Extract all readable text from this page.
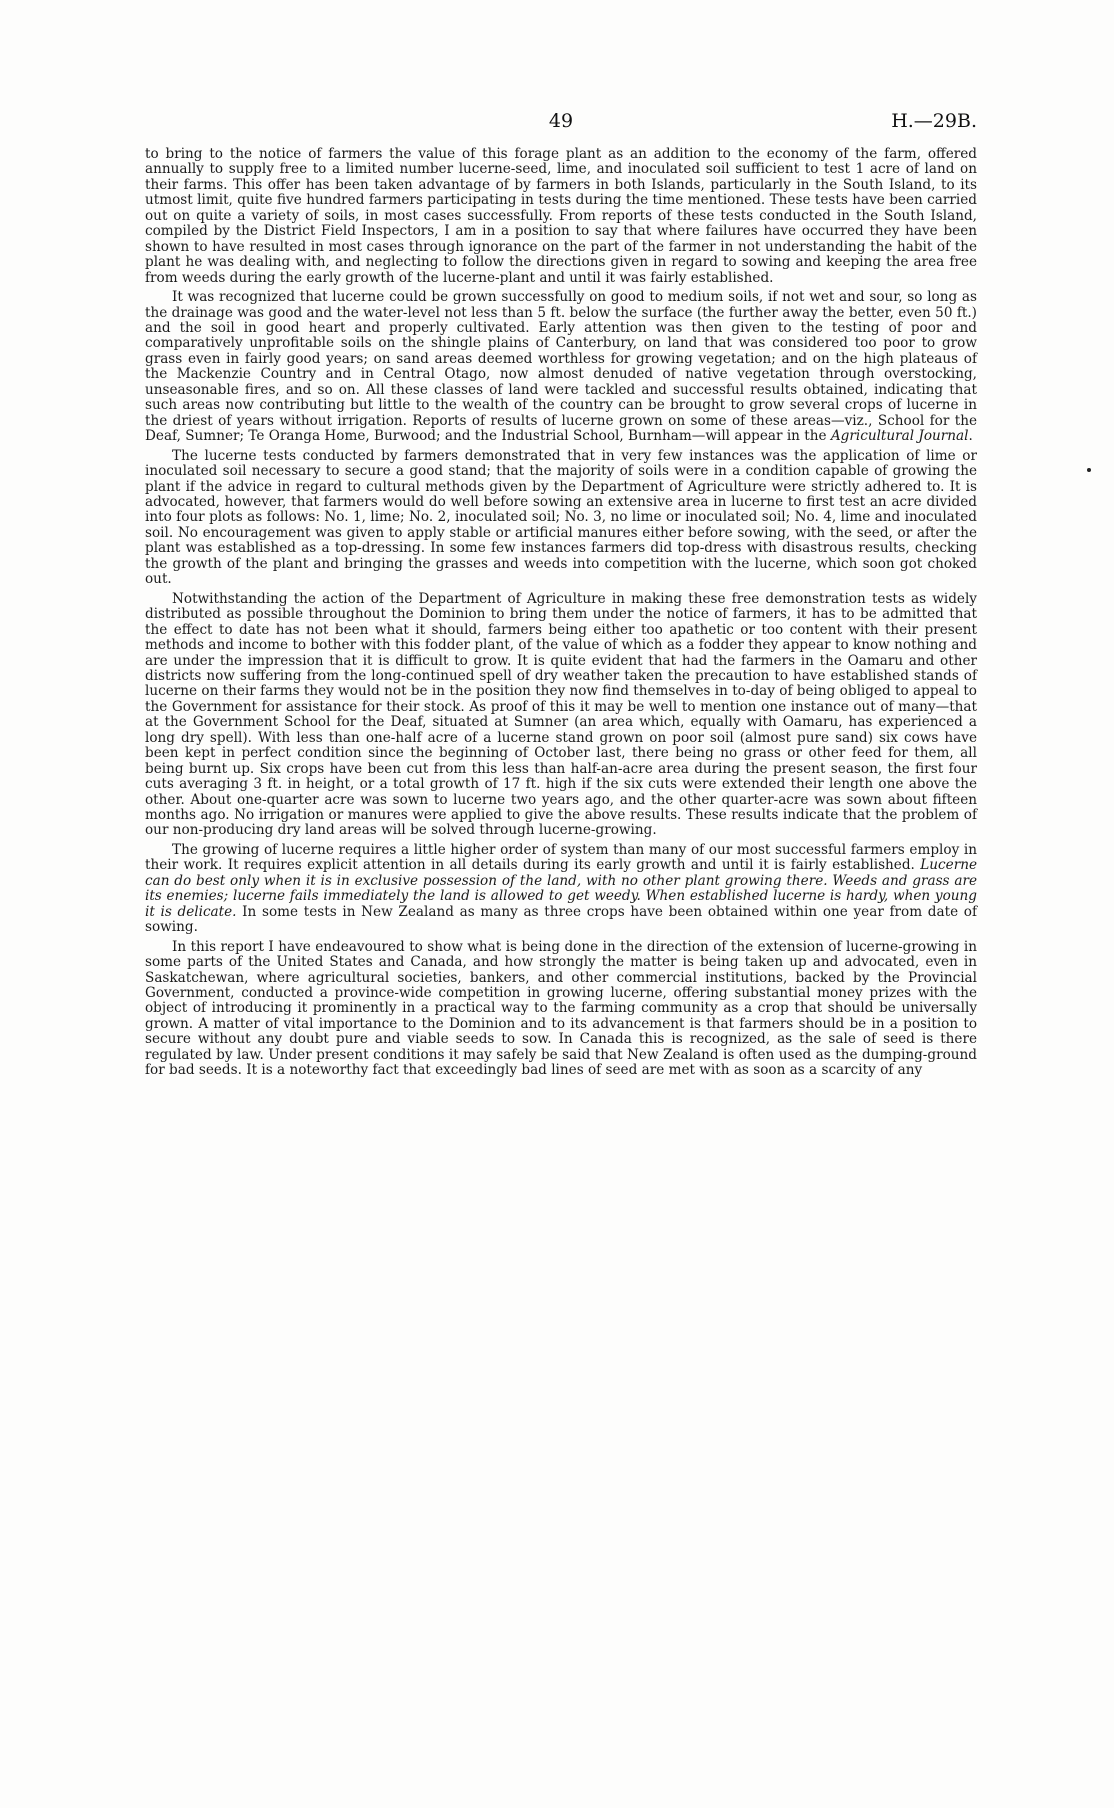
49	H.—29B.

to bring to the notice of farmers the value of this forage plant as an addition to the economy of the farm, offered annually to supply free to a limited number lucerne-seed, lime, and inoculated soil sufficient to test 1 acre of land on their farms. This offer has been taken advantage of by farmers in both Islands, particularly in the South Island, to its utmost limit, quite five hundred farmers participating in tests during the time mentioned. These tests have been carried out on quite a variety of soils, in most cases successfully. From reports of these tests conducted in the South Island, compiled by the District Field Inspectors, I am in a position to say that where failures have occurred they have been shown to have resulted in most cases through ignorance on the part of the farmer in not understanding the habit of the plant he was dealing with, and neglecting to follow the directions given in regard to sowing and keeping the area free from weeds during the early growth of the lucerne-plant and until it was fairly established.

It was recognized that lucerne could be grown successfully on good to medium soils, if not wet and sour, so long as the drainage was good and the water-level not less than 5 ft. below the surface (the further away the better, even 50 ft.) and the soil in good heart and properly cultivated. Early attention was then given to the testing of poor and comparatively unprofitable soils on the shingle plains of Canterbury, on land that was considered too poor to grow grass even in fairly good years; on sand areas deemed worthless for growing vegetation; and on the high plateaus of the Mackenzie Country and in Central Otago, now almost denuded of native vegetation through overstocking, unseasonable fires, and so on. All these classes of land were tackled and successful results obtained, indicating that such areas now contributing but little to the wealth of the country can be brought to grow several crops of lucerne in the driest of years without irrigation. Reports of results of lucerne grown on some of these areas—viz., School for the Deaf, Sumner; Te Oranga Home, Burwood; and the Industrial School, Burnham—will appear in the Agricultural Journal.

The lucerne tests conducted by farmers demonstrated that in very few instances was the application of lime or inoculated soil necessary to secure a good stand; that the majority of soils were in a condition capable of growing the plant if the advice in regard to cultural methods given by the Department of Agriculture were strictly adhered to. It is advocated, however, that farmers would do well before sowing an extensive area in lucerne to first test an acre divided into four plots as follows: No. 1, lime; No. 2, inoculated soil; No. 3, no lime or inoculated soil; No. 4, lime and inoculated soil. No encouragement was given to apply stable or artificial manures either before sowing, with the seed, or after the plant was established as a top-dressing. In some few instances farmers did top-dress with disastrous results, checking the growth of the plant and bringing the grasses and weeds into competition with the lucerne, which soon got choked out.

Notwithstanding the action of the Department of Agriculture in making these free demonstration tests as widely distributed as possible throughout the Dominion to bring them under the notice of farmers, it has to be admitted that the effect to date has not been what it should, farmers being either too apathetic or too content with their present methods and income to bother with this fodder plant, of the value of which as a fodder they appear to know nothing and are under the impression that it is difficult to grow. It is quite evident that had the farmers in the Oamaru and other districts now suffering from the long-continued spell of dry weather taken the precaution to have established stands of lucerne on their farms they would not be in the position they now find themselves in to-day of being obliged to appeal to the Government for assistance for their stock. As proof of this it may be well to mention one instance out of many—that at the Government School for the Deaf, situated at Sumner (an area which, equally with Oamaru, has experienced a long dry spell). With less than one-half acre of a lucerne stand grown on poor soil (almost pure sand) six cows have been kept in perfect condition since the beginning of October last, there being no grass or other feed for them, all being burnt up. Six crops have been cut from this less than half-an-acre area during the present season, the first four cuts averaging 3 ft. in height, or a total growth of 17 ft. high if the six cuts were extended their length one above the other. About one-quarter acre was sown to lucerne two years ago, and the other quarter-acre was sown about fifteen months ago. No irrigation or manures were applied to give the above results. These results indicate that the problem of our non-producing dry land areas will be solved through lucerne-growing.

The growing of lucerne requires a little higher order of system than many of our most successful farmers employ in their work. It requires explicit attention in all details during its early growth and until it is fairly established. Lucerne can do best only when it is in exclusive possession of the land, with no other plant growing there. Weeds and grass are its enemies; lucerne fails immediately the land is allowed to get weedy. When established lucerne is hardy, when young it is delicate. In some tests in New Zealand as many as three crops have been obtained within one year from date of sowing.

In this report I have endeavoured to show what is being done in the direction of the extension of lucerne-growing in some parts of the United States and Canada, and how strongly the matter is being taken up and advocated, even in Saskatchewan, where agricultural societies, bankers, and other commercial institutions, backed by the Provincial Government, conducted a province-wide competition in growing lucerne, offering substantial money prizes with the object of introducing it prominently in a practical way to the farming community as a crop that should be universally grown. A matter of vital importance to the Dominion and to its advancement is that farmers should be in a position to secure without any doubt pure and viable seeds to sow. In Canada this is recognized, as the sale of seed is there regulated by law. Under present conditions it may safely be said that New Zealand is often used as the dumping-ground for bad seeds. It is a noteworthy fact that exceedingly bad lines of seed are met with as soon as a scarcity of any
